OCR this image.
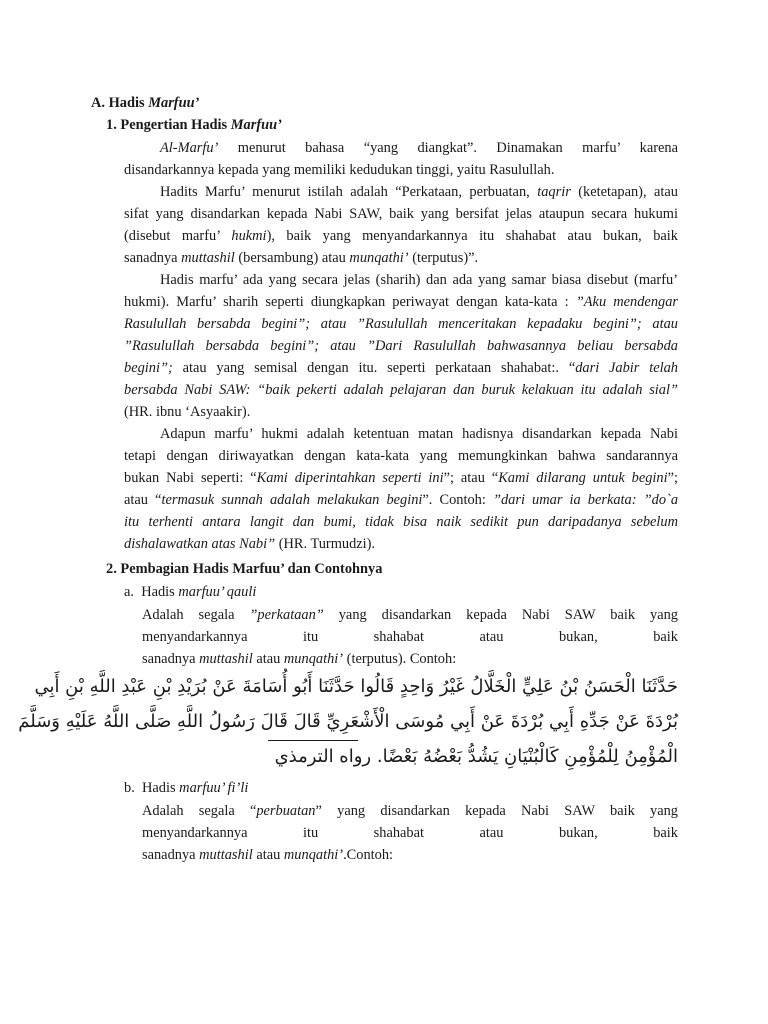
A. Hadis Marfuu’
1. Pengertian Hadis Marfuu’
Al-Marfu’ menurut bahasa “yang diangkat”. Dinamakan marfu’ karena
disandarkannya kepada yang memiliki kedudukan tinggi, yaitu Rasulullah.
Hadits Marfu’ menurut istilah adalah “Perkataan, perbuatan, taqrir (ketetapan), atau
sifat yang disandarkan kepada Nabi SAW, baik yang bersifat jelas ataupun secara hukumi
(disebut marfu’ hukmi), baik yang menyandarkannya itu shahabat atau bukan, baik
sanadnya muttashil (bersambung) atau munqathi’ (terputus)”.
Hadis marfu’ ada yang secara jelas (sharih) dan ada yang samar biasa disebut (marfu’
hukmi). Marfu’ sharih seperti diungkapkan periwayat dengan kata-kata : ”Aku mendengar
Rasulullah bersabda begini”; atau ”Rasulullah menceritakan kepadaku begini”; atau
”Rasulullah bersabda begini”; atau ”Dari Rasulullah bahwasannya beliau bersabda
begini”; atau yang semisal dengan itu. seperti perkataan shahabat:. “dari Jabir telah
bersabda Nabi SAW: “baik pekerti adalah pelajaran dan buruk kelakuan itu adalah sial”
(HR. ibnu ‘Asyaakir).
Adapun marfu’ hukmi adalah ketentuan matan hadisnya disandarkan kepada Nabi
tetapi dengan diriwayatkan dengan kata-kata yang memungkinkan bahwa sandarannya
bukan Nabi seperti: “Kami diperintahkan seperti ini”; atau “Kami dilarang untuk begini”;
atau “termasuk sunnah adalah melakukan begini”. Contoh: ”dari umar ia berkata: ”do`a
itu terhenti antara langit dan bumi, tidak bisa naik sedikit pun daripadanya sebelum
dishalawatkan atas Nabi” (HR. Turmudzi).
2. Pembagian Hadis Marfuu’ dan Contohnya
a. Hadis marfuu’ qauli
Adalah segala ”perkataan” yang disandarkan kepada Nabi SAW baik yang
menyandarkannya itu shahabat atau bukan, baik
sanadnya muttashil atau munqathi’ (terputus). Contoh:
حَدَّثَنَا الْحَسَنُ بْنُ عَلِيٍّ الْخَلَّالُ غَيْرُ وَاحِدٍ قَالُوا حَدَّثَنَا أَبُو أُسَامَةَ عَنْ بُرَيْدِ بْنِ عَبْدِ اللَّهِ بْنِ أَبِي
بُرْدَةَ عَنْ جَدِّهِ أَبِي بُرْدَةَ عَنْ أَبِي مُوسَى الْأَشْعَرِيِّ قَالَ قَالَ رَسُولُ اللَّهِ صَلَّى اللَّهُ عَلَيْهِ وَسَلَّمَ
الْمُؤْمِنُ لِلْمُؤْمِنِ كَالْبُنْيَانِ يَشُدُّ بَعْضُهُ بَعْضًا. رواه الترمذي
b. Hadis marfuu’ fi’li
Adalah segala “perbuatan” yang disandarkan kepada Nabi SAW baik yang
menyandarkannya itu shahabat atau bukan, baik
sanadnya muttashil atau munqathi’.Contoh:
